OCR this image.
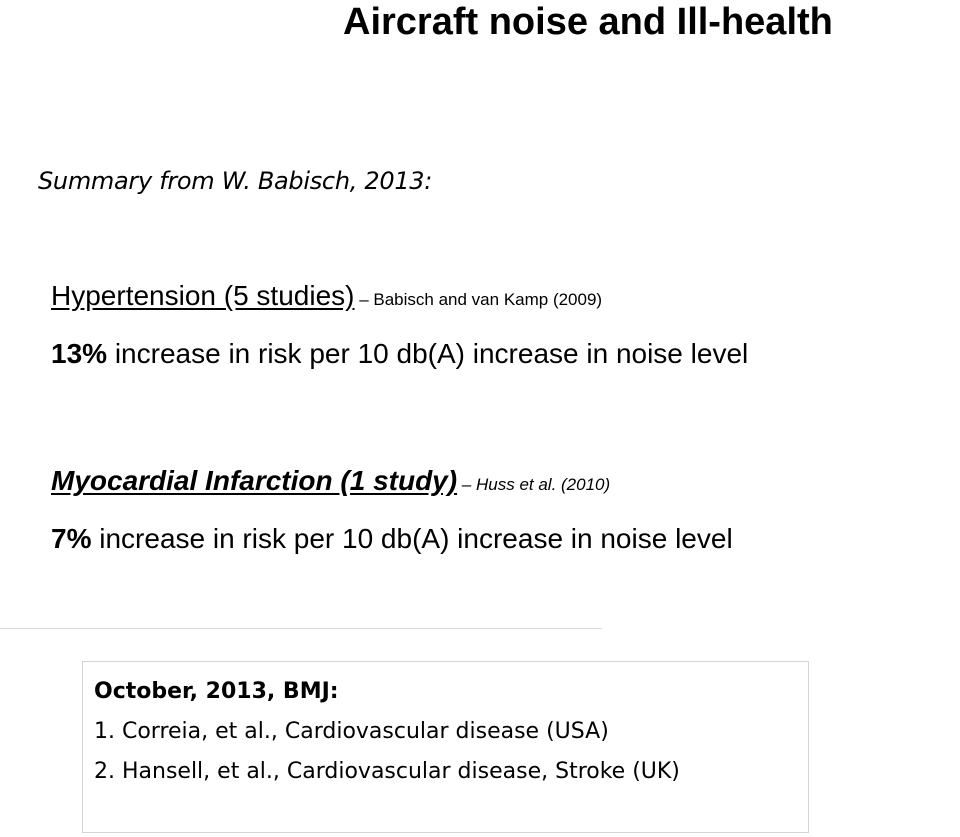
Aircraft noise and Ill-health
Summary from W. Babisch, 2013:
Hypertension (5 studies) – Babisch and van Kamp (2009)
13% increase in risk per 10 db(A) increase in noise level
Myocardial Infarction (1 study) – Huss et al. (2010)
7% increase in risk per 10 db(A) increase in noise level
October, 2013, BMJ:
1. Correia, et al., Cardiovascular disease (USA)
2. Hansell, et al., Cardiovascular disease, Stroke (UK)
